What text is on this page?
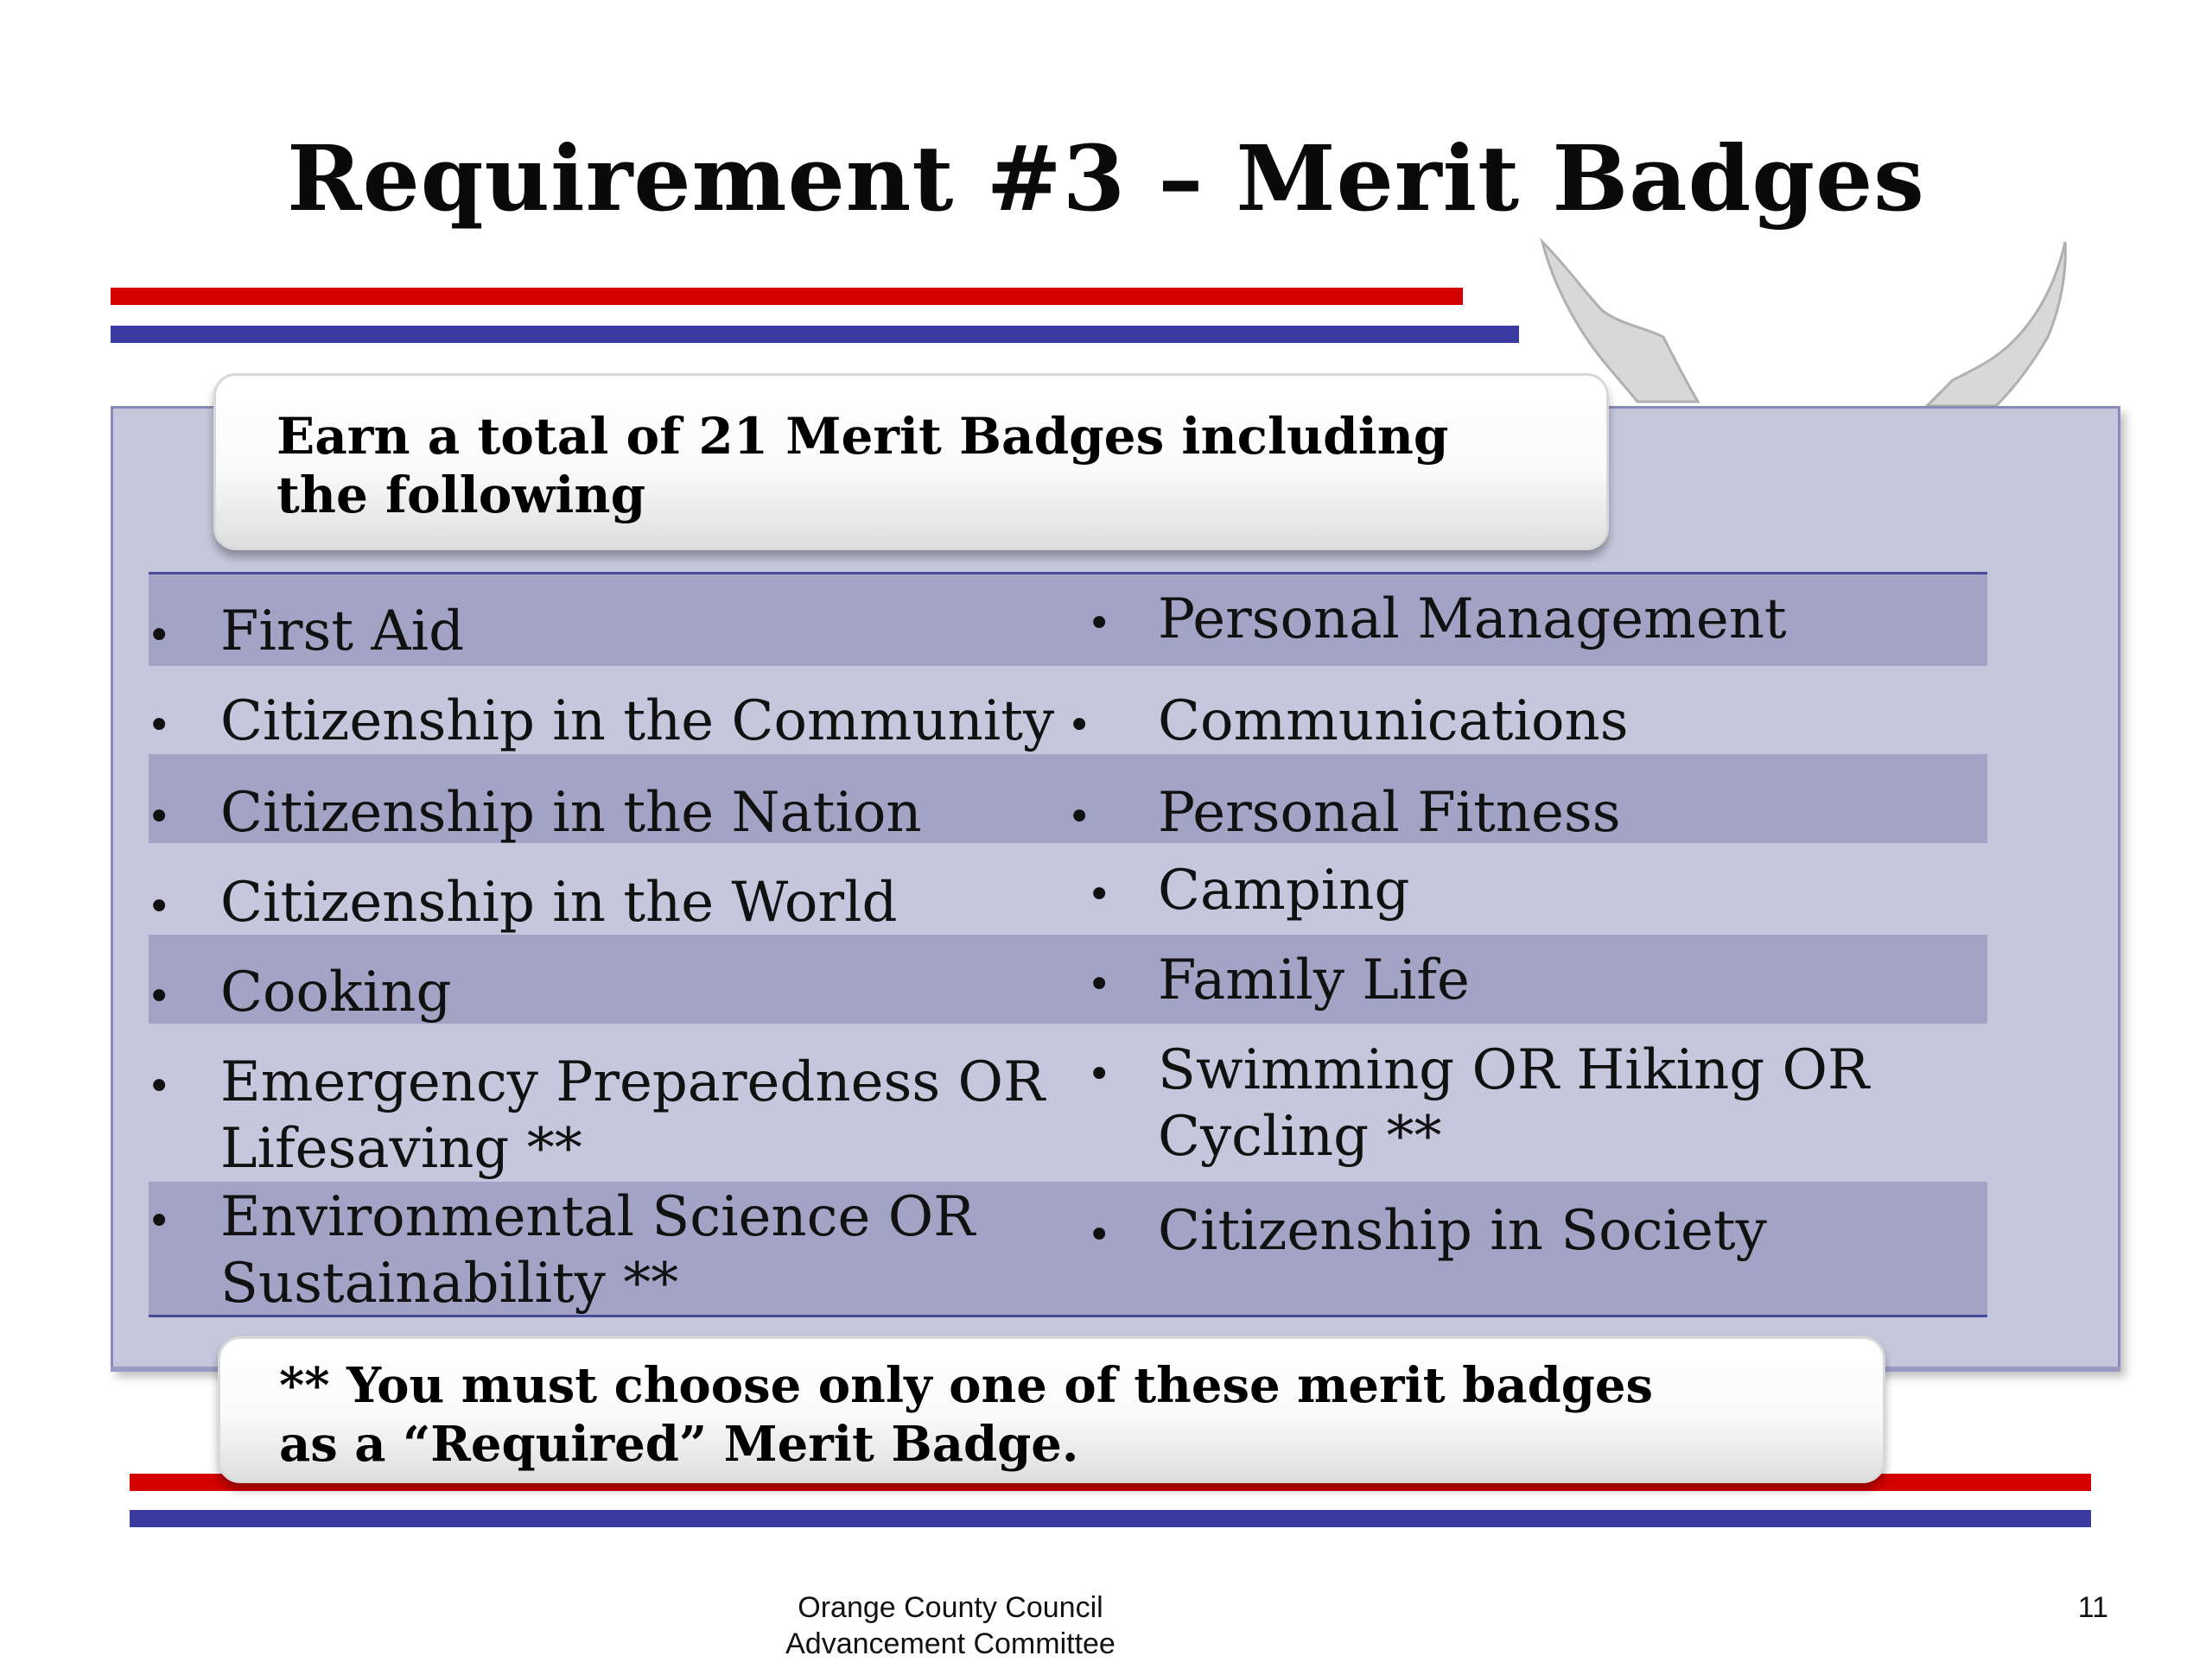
Requirement #3 – Merit Badges
Earn a total of 21 Merit Badges including
the following
• First Aid
• Citizenship in the Community
• Citizenship in the Nation
• Citizenship in the World
• Cooking
• Emergency Preparedness OR
Lifesaving **
• Environmental Science OR
Sustainability **
• Personal Management
• Communications
• Personal Fitness
• Camping
• Family Life
• Swimming OR Hiking OR
Cycling **
• Citizenship in Society
** You must choose only one of these merit badges
as a “Required” Merit Badge.
Orange County Council
Advancement Committee
11
